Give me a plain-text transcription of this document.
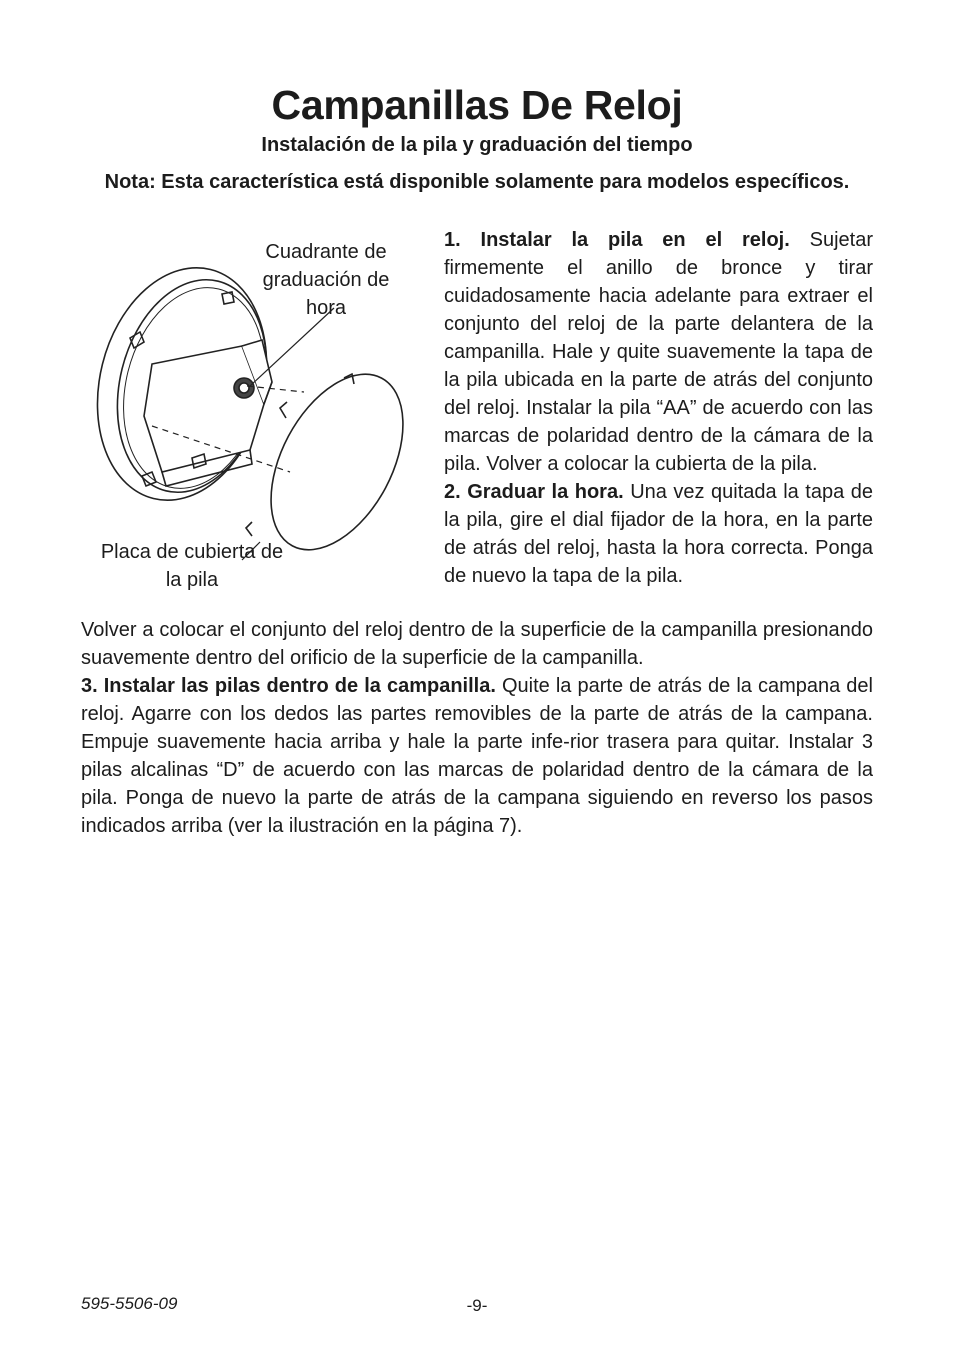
Campanillas De Reloj
Instalación de la pila y graduación del tiempo
Nota: Esta característica está disponible solamente para modelos específicos.
Cuadrante de graduación de hora
Placa de cubierta de la pila

1. Instalar la pila en el reloj. Sujetar firmemente el anillo de bronce y tirar cuidadosamente hacia adelante para extraer el conjunto del reloj de la parte delantera de la campanilla. Hale y quite suavemente la tapa de la pila ubicada en la parte de atrás del conjunto del reloj. Instalar la pila “AA” de acuerdo con las marcas de polaridad dentro de la cámara de la pila. Volver a colocar la cubierta de la pila.

2. Graduar la hora. Una vez quitada la tapa de la pila, gire el dial fijador de la hora, en la parte de atrás del reloj, hasta la hora correcta. Ponga de nuevo la tapa de la pila.

Volver a colocar el conjunto del reloj dentro de la superficie de la campanilla presionando suavemente dentro del orificio de la superficie de la campanilla.

3. Instalar las pilas dentro de la campanilla. Quite la parte de atrás de la campana del reloj. Agarre con los dedos las partes removibles de la parte de atrás de la campana. Empuje suavemente hacia arriba y hale la parte infe-rior trasera para quitar. Instalar 3 pilas alcalinas “D” de acuerdo con las marcas de polaridad dentro de la cámara de la pila. Ponga de nuevo la parte de atrás de la campana siguiendo en reverso los pasos indicados arriba (ver la ilustración en la página 7).

595-5506-09	-9-
